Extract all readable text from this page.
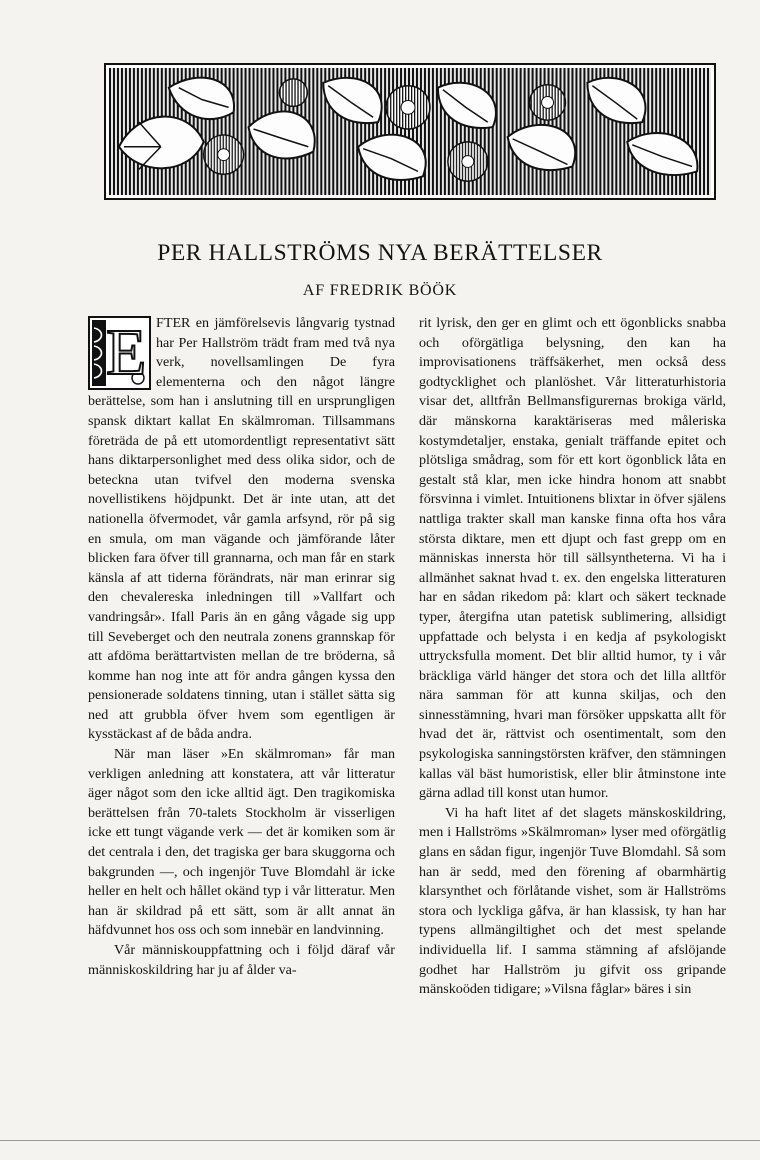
PER HALLSTRÖMS NYA BERÄTTELSER
AF FREDRIK BÖÖK
E FTER en jämförelsevis långvarig tystnad har Per Hallström trädt fram med två nya verk, novellsamlingen De fyra elementerna och den något längre berättelse, som han i anslutning till en ursprungligen spansk diktart kallat En skälmroman. Tillsammans företräda de på ett utomordentligt representativt sätt hans diktarpersonlighet med dess olika sidor, och de beteckna utan tvifvel den moderna svenska novellistikens höjdpunkt. Det är inte utan, att det nationella öfvermodet, vår gamla arfsynd, rör på sig en smula, om man vägande och jämförande låter blicken fara öfver till grannarna, och man får en stark känsla af att tiderna förändrats, när man erinrar sig den chevalereska inledningen till »Vallfart och vandringsår». Ifall Paris än en gång vågade sig upp till Seveberget och den neutrala zonens grannskap för att afdöma berättartvisten mellan de tre bröderna, så komme han nog inte att för andra gången kyssa den pensionerade soldatens tinning, utan i stället sätta sig ned att grubbla öfver hvem som egentligen är kysstäckast af de båda andra.

När man läser »En skälmroman» får man verkligen anledning att konstatera, att vår litteratur äger något som den icke alltid ägt. Den tragikomiska berättelsen från 70-talets Stockholm är visserligen icke ett tungt vägande verk — det är komiken som är det centrala i den, det tragiska ger bara skuggorna och bakgrunden —, och ingenjör Tuve Blomdahl är icke heller en helt och hållet okänd typ i vår litteratur. Men han är skildrad på ett sätt, som är allt annat än häfdvunnet hos oss och som innebär en landvinning.

Vår människouppfattning och i följd däraf vår människoskildring har ju af ålder va-

rit lyrisk, den ger en glimt och ett ögonblicks snabba och oförgätliga belysning, den kan ha improvisationens träffsäkerhet, men också dess godtycklighet och planlöshet. Vår litteraturhistoria visar det, alltfrån Bellmansfigurernas brokiga värld, där mänskorna karaktäriseras med måleriska kostymdetaljer, enstaka, genialt träffande epitet och plötsliga smådrag, som för ett kort ögonblick låta en gestalt stå klar, men icke hindra honom att snabbt försvinna i vimlet. Intuitionens blixtar in öfver själens nattliga trakter skall man kanske finna ofta hos våra största diktare, men ett djupt och fast grepp om en människas innersta hör till sällsyntheterna. Vi ha i allmänhet saknat hvad t. ex. den engelska litteraturen har en sådan rikedom på: klart och säkert tecknade typer, återgifna utan patetisk sublimering, allsidigt uppfattade och belysta i en kedja af psykologiskt uttrycksfulla moment. Det blir alltid humor, ty i vår bräckliga värld hänger det stora och det lilla alltför nära samman för att kunna skiljas, och den sinnesstämning, hvari man försöker uppskatta allt för hvad det är, rättvist och osentimentalt, som den psykologiska sanningstörsten kräfver, den stämningen kallas väl bäst humoristisk, eller blir åtminstone inte gärna adlad till konst utan humor.

Vi ha haft litet af det slagets mänskoskildring, men i Hallströms »Skälmroman» lyser med oförgätlig glans en sådan figur, ingenjör Tuve Blomdahl. Så som han är sedd, med den förening af obarmhärtig klarsynthet och förlåtande vishet, som är Hallströms stora och lyckliga gåfva, är han klassisk, ty han har typens allmängiltighet och det mest spelande individuella lif. I samma stämning af afslöjande godhet har Hallström ju gifvit oss gripande mänskoöden tidigare; »Vilsna fåglar» bäres i sin
